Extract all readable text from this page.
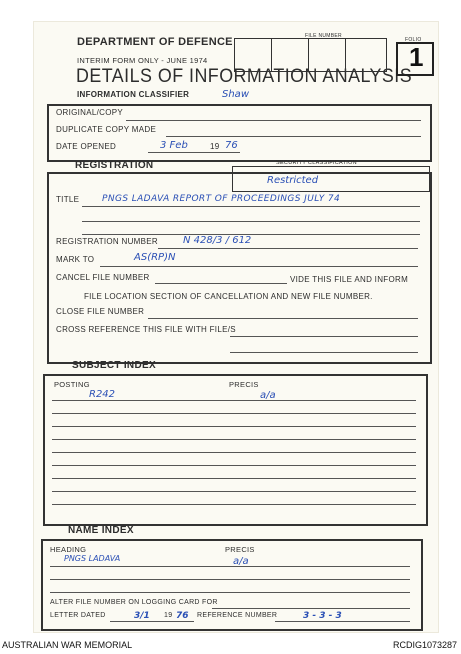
DEPARTMENT OF DEFENCE
INTERIM FORM ONLY - JUNE 1974
DETAILS OF INFORMATION ANALYSIS
INFORMATION CLASSIFIER	Shaw
FILE NUMBER
FOLIO
1
ORIGINAL/COPY
DUPLICATE COPY MADE
DATE OPENED	3 Feb	19 76
REGISTRATION	SECURITY CLASSIFICATION
Restricted
TITLE	PNGS LADAVA REPORT OF PROCEEDINGS JULY 74
REGISTRATION NUMBER N 428/3 / 612
MARK TO	AS(RP)N
CANCEL FILE NUMBER	VIDE THIS FILE AND INFORM
FILE LOCATION SECTION OF CANCELLATION AND NEW FILE NUMBER.
CLOSE FILE NUMBER
CROSS REFERENCE THIS FILE WITH FILE/S
SUBJECT INDEX
POSTING
R242
PRECIS
a/a
NAME INDEX
HEADING
PNGS LADAVA
PRECIS
a/a
ALTER FILE NUMBER ON LOGGING CARD FOR
LETTER DATED	3/1 19 76 REFERENCE NUMBER	3 - 3 - 3
AUSTRALIAN WAR MEMORIAL	RCDIG1073287
